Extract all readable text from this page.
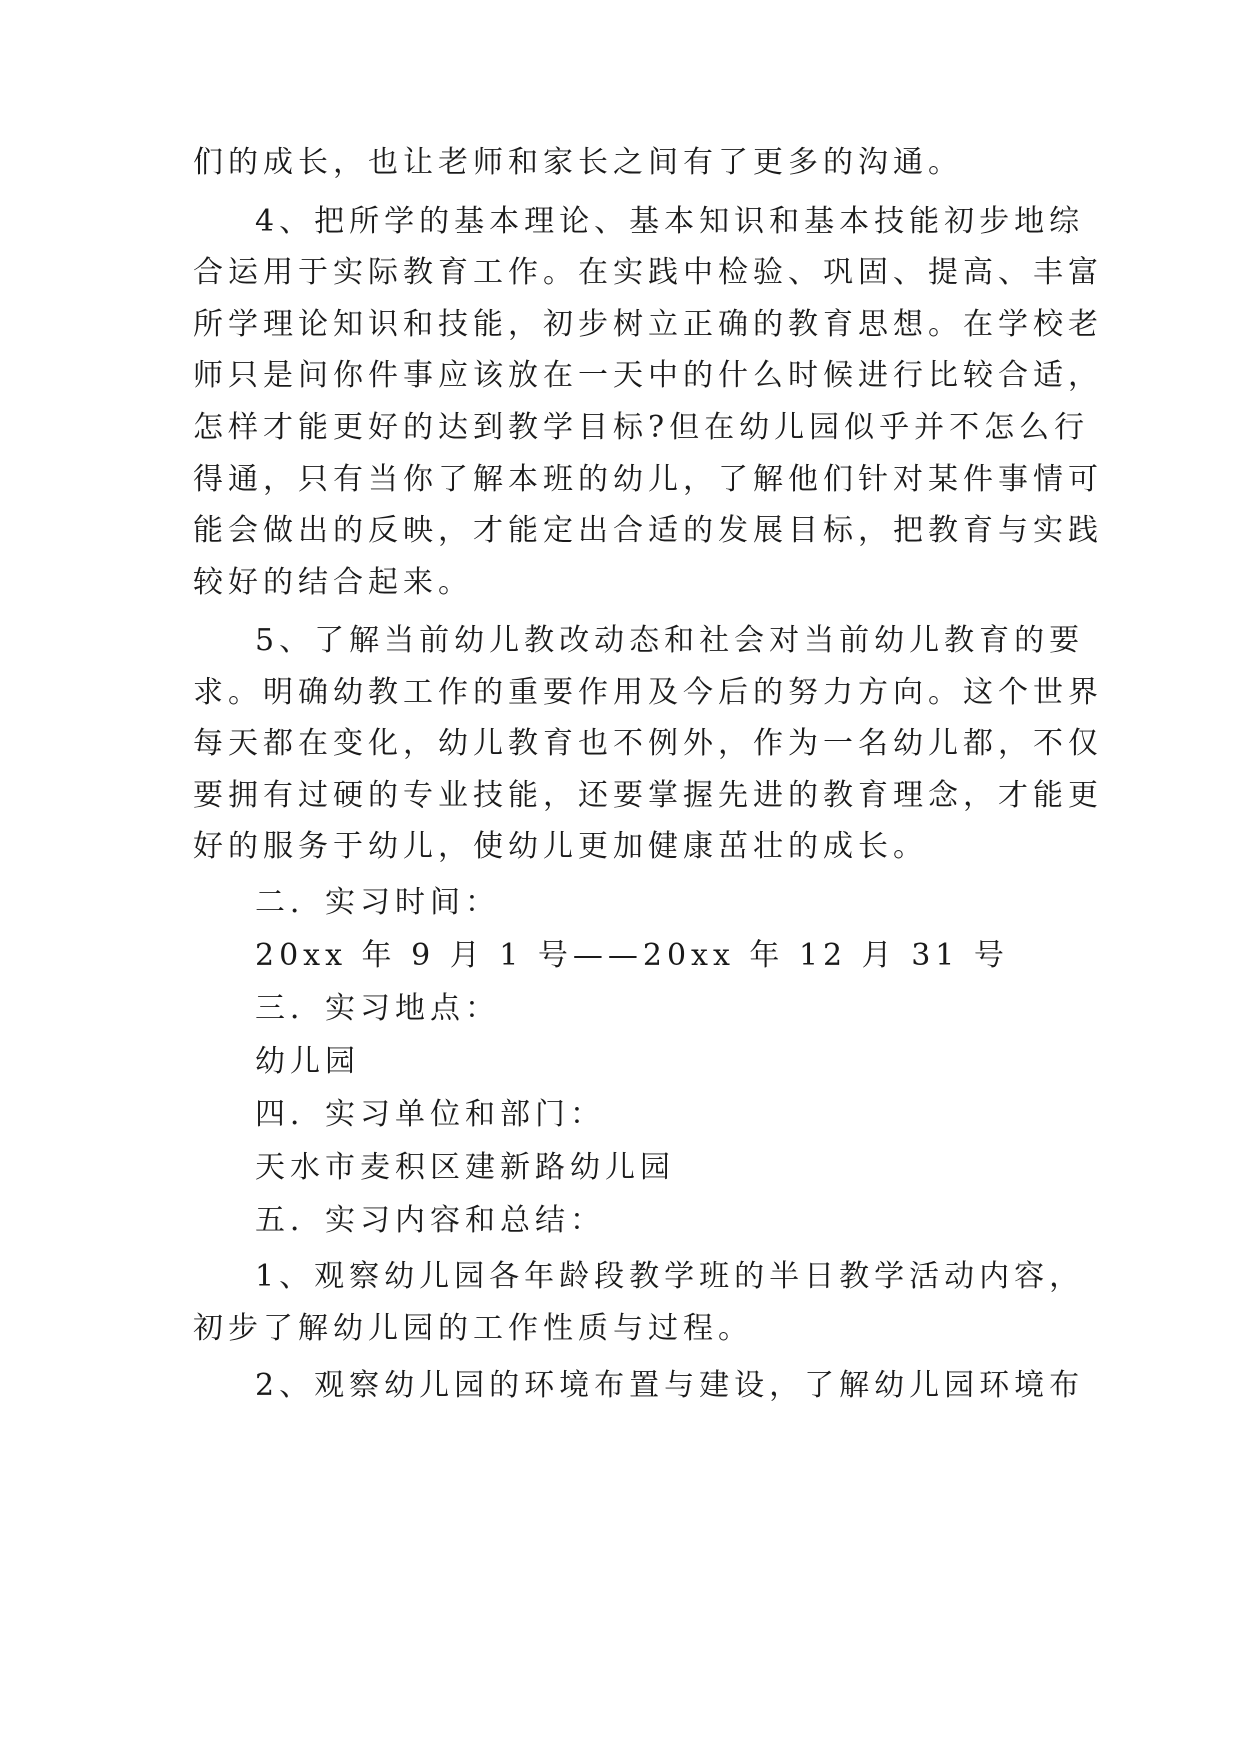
们的成长，也让老师和家长之间有了更多的沟通。
4、把所学的基本理论、基本知识和基本技能初步地综
合运用于实际教育工作。在实践中检验、巩固、提高、丰富
所学理论知识和技能，初步树立正确的教育思想。在学校老
师只是问你件事应该放在一天中的什么时候进行比较合适，
怎样才能更好的达到教学目标?但在幼儿园似乎并不怎么行
得通，只有当你了解本班的幼儿，了解他们针对某件事情可
能会做出的反映，才能定出合适的发展目标，把教育与实践
较好的结合起来。
5、了解当前幼儿教改动态和社会对当前幼儿教育的要
求。明确幼教工作的重要作用及今后的努力方向。这个世界
每天都在变化，幼儿教育也不例外，作为一名幼儿都，不仅
要拥有过硬的专业技能，还要掌握先进的教育理念，才能更
好的服务于幼儿，使幼儿更加健康茁壮的成长。
二．实习时间：
20xx 年 9 月 1 号——20xx 年 12 月 31 号
三．实习地点：
幼儿园
四．实习单位和部门：
天水市麦积区建新路幼儿园
五．实习内容和总结：
1、观察幼儿园各年龄段教学班的半日教学活动内容，
初步了解幼儿园的工作性质与过程。
2、观察幼儿园的环境布置与建设，了解幼儿园环境布
